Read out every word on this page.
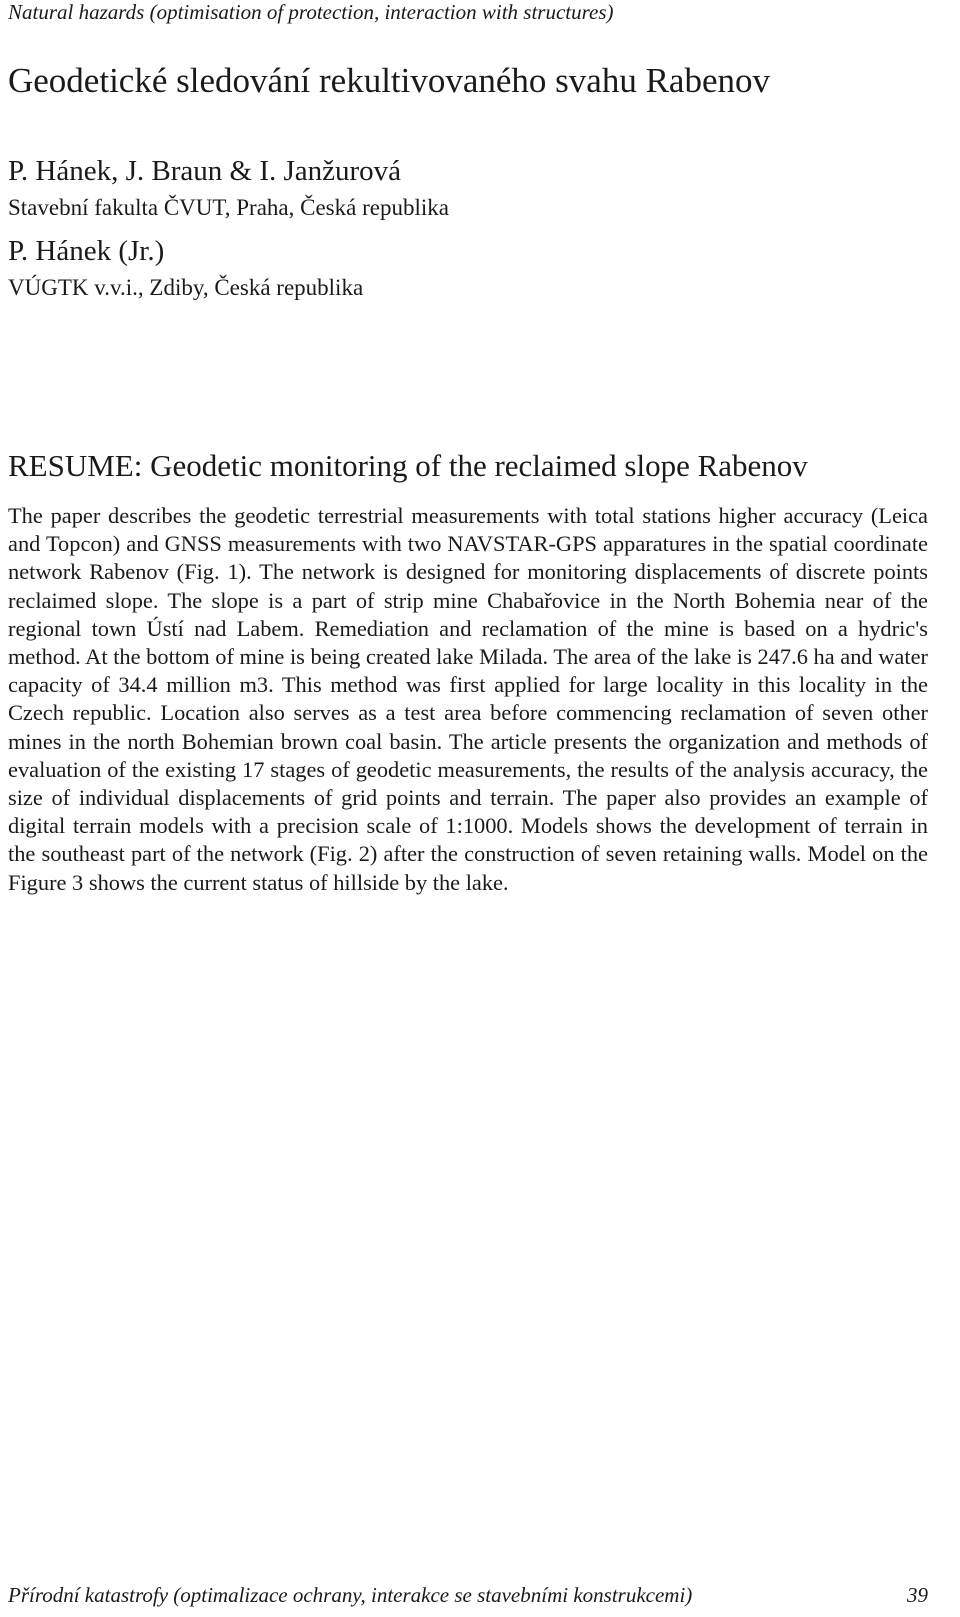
Natural hazards (optimisation of protection, interaction with structures)
Geodetické sledování rekultivovaného svahu Rabenov
P. Hánek, J. Braun & I. Janžurová
Stavební fakulta ČVUT, Praha, Česká republika
P. Hánek (Jr.)
VÚGTK v.v.i., Zdiby, Česká republika
RESUME: Geodetic monitoring of the reclaimed slope Rabenov

The paper describes the geodetic terrestrial measurements with total stations higher accuracy (Leica and Topcon) and GNSS measurements with two NAVSTAR-GPS apparatures in the spatial coordinate network Rabenov (Fig. 1). The network is designed for monitoring displacements of discrete points reclaimed slope. The slope is a part of strip mine Chabařovice in the North Bohemia near of the regional town Ústí nad Labem. Remediation and reclamation of the mine is based on a hydric's method. At the bottom of mine is being created lake Milada. The area of the lake is 247.6 ha and water capacity of 34.4 million m3. This method was first applied for large locality in this locality in the Czech republic. Location also serves as a test area before commencing reclamation of seven other mines in the north Bohemian brown coal basin. The article presents the organization and methods of evaluation of the existing 17 stages of geodetic measurements, the results of the analysis accuracy, the size of individual displacements of grid points and terrain. The paper also provides an example of digital terrain models with a precision scale of 1:1000. Models shows the development of terrain in the southeast part of the network (Fig. 2) after the construction of seven retaining walls. Model on the Figure 3 shows the current status of hillside by the lake.

Přírodní katastrofy (optimalizace ochrany, interakce se stavebními konstrukcemi)	39
